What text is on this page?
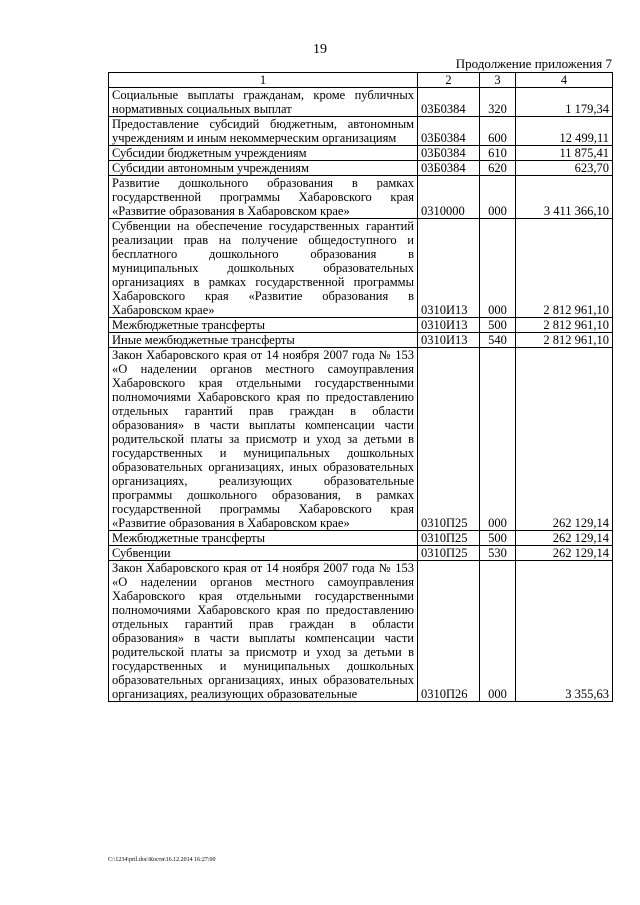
19
Продолжение приложения 7
1	2	3	4
Социальные выплаты гражданам, кроме публичных нормативных социальных выплат	03Б0384	320	1 179,34
Предоставление субсидий бюджетным, автономным учреждениям и иным некоммерческим организациям	03Б0384	600	12 499,11
Субсидии бюджетным учреждениям	03Б0384	610	11 875,41
Субсидии автономным учреждениям	03Б0384	620	623,70
Развитие дошкольного образования в рамках государственной программы Хабаровского края «Развитие образования в Хабаровском крае»	0310000	000	3 411 366,10
Субвенции на обеспечение государственных гарантий реализации прав на получение общедоступного и бесплатного дошкольного образования в муниципальных дошкольных образовательных организациях в рамках государственной программы Хабаровского края «Развитие образования в Хабаровском крае»	0310И13	000	2 812 961,10
Межбюджетные трансферты	0310И13	500	2 812 961,10
Иные межбюджетные трансферты	0310И13	540	2 812 961,10
Закон Хабаровского края от 14 ноября 2007 года № 153 «О наделении органов местного самоуправления Хабаровского края отдельными государственными полномочиями Хабаровского края по предоставлению отдельных гарантий прав граждан в области образования» в части выплаты компенсации части родительской платы за присмотр и уход за детьми в государственных и муниципальных дошкольных образовательных организациях, иных образовательных организациях, реализующих образовательные программы дошкольного образования, в рамках государственной программы Хабаровского края «Развитие образования в Хабаровском крае»	0310П25	000	262 129,14
Межбюджетные трансферты	0310П25	500	262 129,14
Субвенции	0310П25	530	262 129,14
Закон Хабаровского края от 14 ноября 2007 года № 153 «О наделении органов местного самоуправления Хабаровского края отдельными государственными полномочиями Хабаровского края по предоставлению отдельных гарантий прав граждан в области образования» в части выплаты компенсации части родительской платы за присмотр и уход за детьми в государственных и муниципальных дошкольных образовательных организациях, иных образовательных организациях, реализующих образовательные	0310П26	000	3 355,63
C:\1234\pril.doc\Костя\16.12.2014 16:27:00
